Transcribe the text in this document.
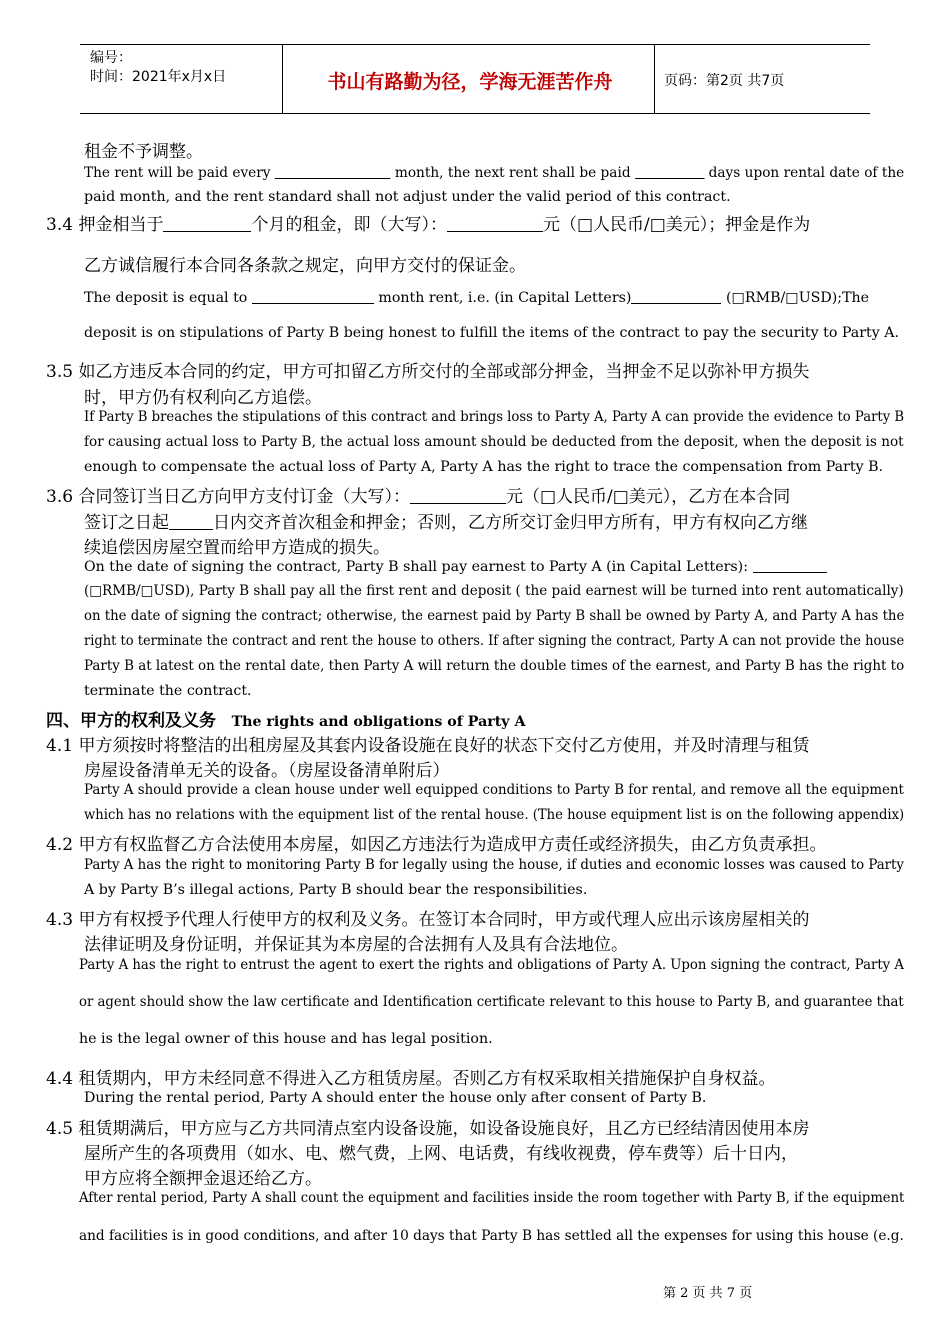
编号：
时间：2021年x月x日	书山有路勤为径，学海无涯苦作舟	页码：第2页 共7页
租金不予调整。
The rent will be paid every	month, the next rent shall be paid	days upon rental date of the
paid month, and the rent standard shall not adjust under the valid period of this contract.
3.4 押金相当于	个月的租金，即（大写）：	元（□人民币/□美元）；押金是作为
乙方诚信履行本合同各条款之规定，向甲方交付的保证金。
The deposit is equal to	month rent, i.e. (in Capital Letters)	(□RMB/□USD);The
deposit is on stipulations of Party B being honest to fulfill the items of the contract to pay the security to Party A.
3.5 如乙方违反本合同的约定，甲方可扣留乙方所交付的全部或部分押金，当押金不足以弥补甲方损失
时，甲方仍有权利向乙方追偿。
If Party B breaches the stipulations of this contract and brings loss to Party A, Party A can provide the evidence to Party B
for causing actual loss to Party B, the actual loss amount should be deducted from the deposit, when the deposit is not
enough to compensate the actual loss of Party A, Party A has the right to trace the compensation from Party B.
3.6 合同签订当日乙方向甲方支付订金（大写）：	元（□人民币/□美元），乙方在本合同
签订之日起	日内交齐首次租金和押金；否则，乙方所交订金归甲方所有，甲方有权向乙方继
续追偿因房屋空置而给甲方造成的损失。
On the date of signing the contract, Party B shall pay earnest to Party A (in Capital Letters):
(□RMB/□USD), Party B shall pay all the first rent and deposit ( the paid earnest will be turned into rent automatically)
on the date of signing the contract; otherwise, the earnest paid by Party B shall be owned by Party A, and Party A has the
right to terminate the contract and rent the house to others. If after signing the contract, Party A can not provide the house
Party B at latest on the rental date, then Party A will return the double times of the earnest, and Party B has the right to
terminate the contract.
四、甲方的权利及义务 The rights and obligations of Party A
4.1 甲方须按时将整洁的出租房屋及其套内设备设施在良好的状态下交付乙方使用，并及时清理与租赁
房屋设备清单无关的设备。（房屋设备清单附后）
Party A should provide a clean house under well equipped conditions to Party B for rental, and remove all the equipment
which has no relations with the equipment list of the rental house. (The house equipment list is on the following appendix)
4.2 甲方有权监督乙方合法使用本房屋，如因乙方违法行为造成甲方责任或经济损失，由乙方负责承担。
Party A has the right to monitoring Party B for legally using the house, if duties and economic losses was caused to Party
A by Party B’s illegal actions, Party B should bear the responsibilities.
4.3 甲方有权授予代理人行使甲方的权利及义务。在签订本合同时，甲方或代理人应出示该房屋相关的
法律证明及身份证明，并保证其为本房屋的合法拥有人及具有合法地位。
Party A has the right to entrust the agent to exert the rights and obligations of Party A. Upon signing the contract, Party A
or agent should show the law certificate and Identification certificate relevant to this house to Party B, and guarantee that
he is the legal owner of this house and has legal position.
4.4 租赁期内，甲方未经同意不得进入乙方租赁房屋。否则乙方有权采取相关措施保护自身权益。
During the rental period, Party A should enter the house only after consent of Party B.
4.5 租赁期满后，甲方应与乙方共同清点室内设备设施，如设备设施良好，且乙方已经结清因使用本房
屋所产生的各项费用（如水、电、燃气费，上网、电话费，有线收视费，停车费等）后十日内，
甲方应将全额押金退还给乙方。
After rental period, Party A shall count the equipment and facilities inside the room together with Party B, if the equipment
and facilities is in good conditions, and after 10 days that Party B has settled all the expenses for using this house (e.g.
第 2 页 共 7 页
